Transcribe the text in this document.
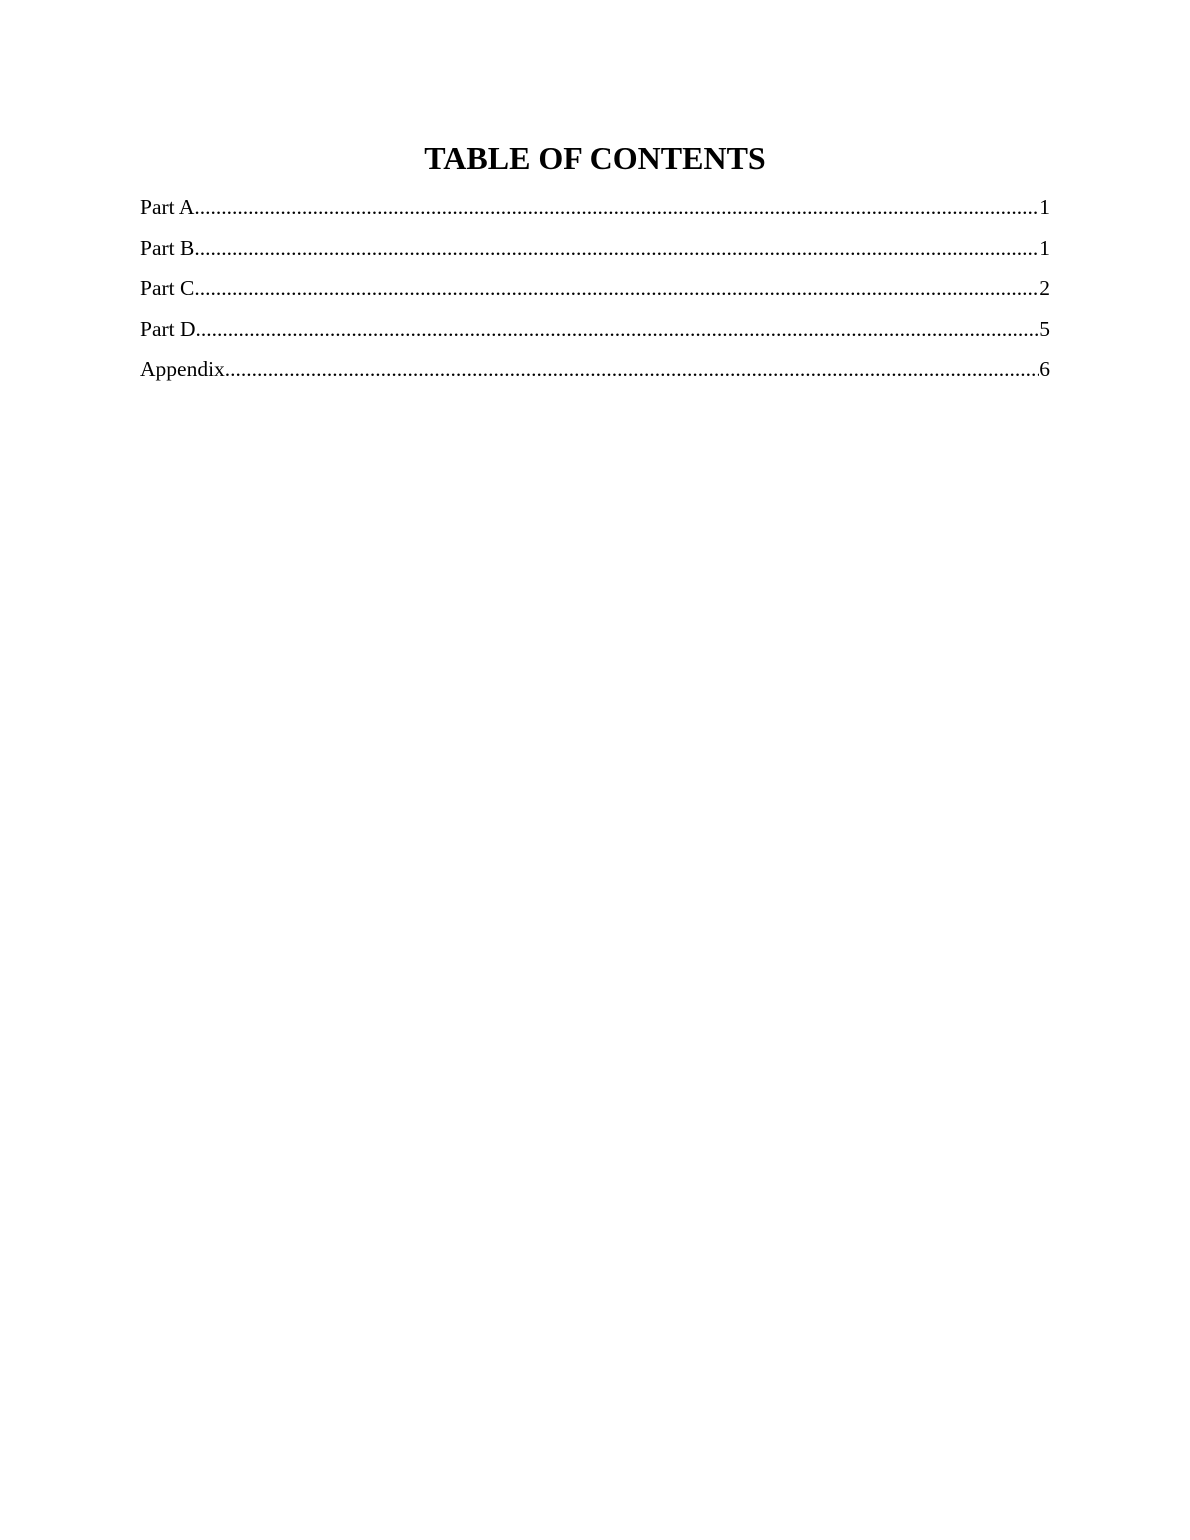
TABLE OF CONTENTS
Part A .....	1
Part B .....	1
Part C .....	2
Part D .....	5
Appendix .....	6
